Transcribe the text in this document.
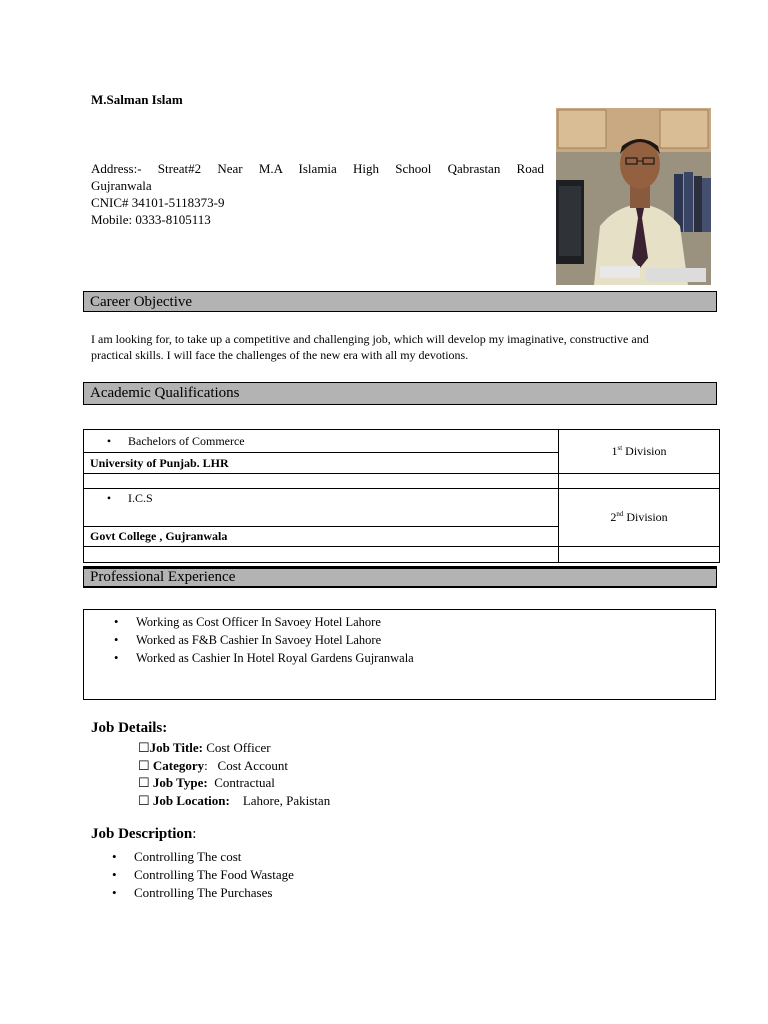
M.Salman Islam
Address:- Streat#2 Near M.A Islamia High School Qabrastan Road
Gujranwala
CNIC# 34101-5118373-9
Mobile: 0333-8105113
Career Objective
I am looking for, to take up a competitive and challenging job, which will develop my imaginative, constructive and practical skills. I will face the challenges of the new era with all my devotions.
Academic Qualifications
• Bachelors of Commerce	1st Division
University of Punjab. LHR	

• I.C.S	2nd Division
Govt College , Gujranwala	

Professional Experience
• Working as Cost Officer In Savoey Hotel Lahore
• Worked as F&B Cashier In Savoey Hotel Lahore
• Worked as Cashier In Hotel Royal Gardens Gujranwala
Job Details:
☐Job Title: Cost Officer
☐ Category:   Cost Account
☐ Job Type:  Contractual
☐ Job Location:    Lahore, Pakistan
Job Description:
• Controlling The cost
• Controlling The Food Wastage
• Controlling The Purchases
